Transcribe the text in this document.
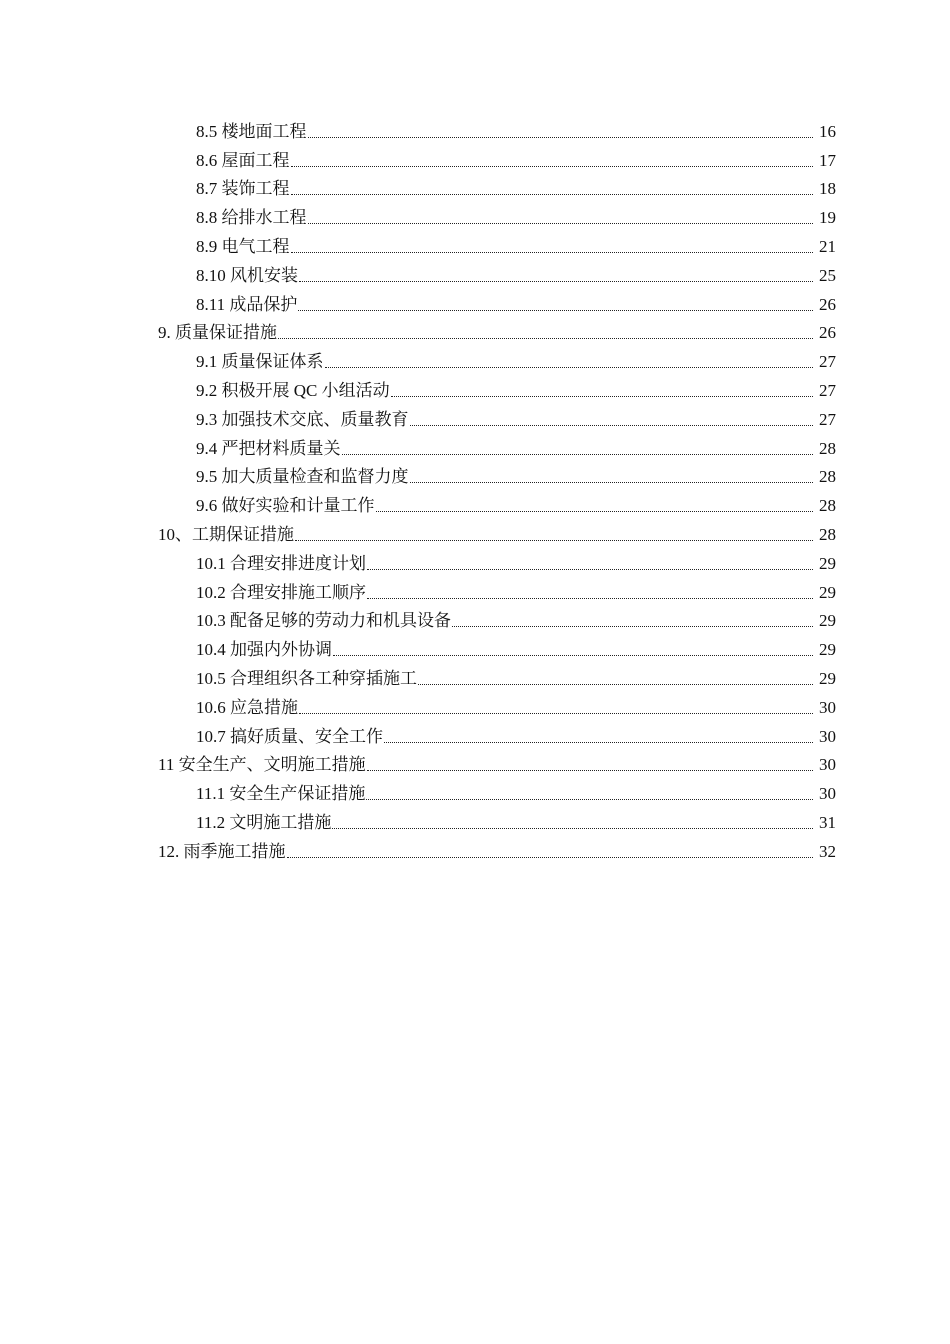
8.5 楼地面工程	16
8.6 屋面工程	17
8.7 装饰工程	18
8.8 给排水工程	19
8.9 电气工程	21
8.10 风机安装	25
8.11 成品保护	26
9. 质量保证措施	26
9.1 质量保证体系	27
9.2 积极开展 QC 小组活动	27
9.3 加强技术交底、质量教育	27
9.4 严把材料质量关	28
9.5 加大质量检查和监督力度	28
9.6 做好实验和计量工作	28
10、工期保证措施	28
10.1 合理安排进度计划	29
10.2 合理安排施工顺序	29
10.3 配备足够的劳动力和机具设备	29
10.4 加强内外协调	29
10.5 合理组织各工种穿插施工	29
10.6 应急措施	30
10.7 搞好质量、安全工作	30
11 安全生产、文明施工措施	30
11.1 安全生产保证措施	30
11.2 文明施工措施	31
12. 雨季施工措施	32
